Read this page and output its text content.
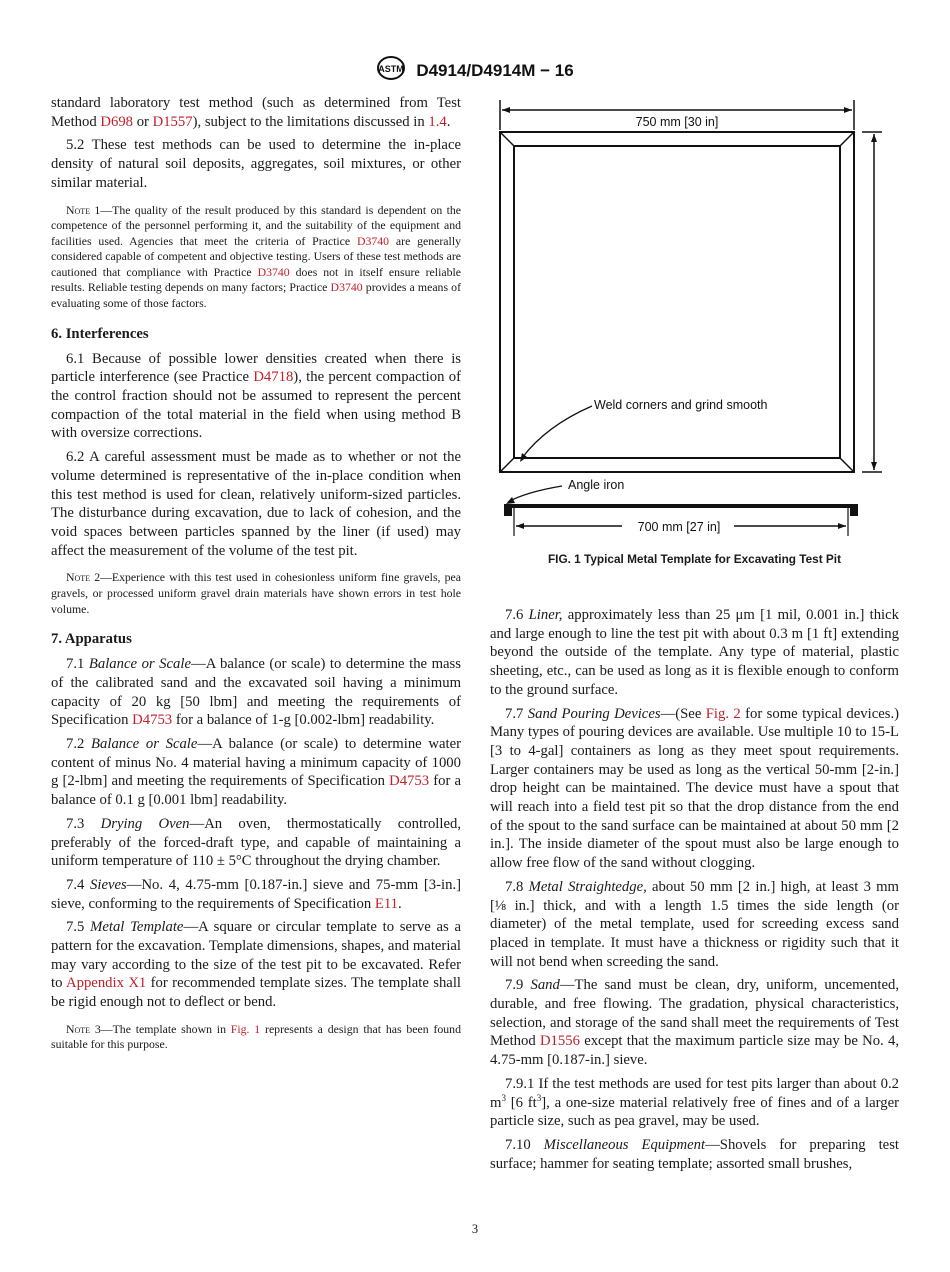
ASTM D4914/D4914M − 16

standard laboratory test method (such as determined from Test Method D698 or D1557), subject to the limitations discussed in 1.4.

5.2 These test methods can be used to determine the in-place density of natural soil deposits, aggregates, soil mixtures, or other similar material.

Note 1—The quality of the result produced by this standard is dependent on the competence of the personnel performing it, and the suitability of the equipment and facilities used. Agencies that meet the criteria of Practice D3740 are generally considered capable of competent and objective testing. Users of these test methods are cautioned that compliance with Practice D3740 does not in itself ensure reliable results. Reliable testing depends on many factors; Practice D3740 provides a means of evaluating some of those factors.
6. Interferences

6.1 Because of possible lower densities created when there is particle interference (see Practice D4718), the percent compaction of the control fraction should not be assumed to represent the percent compaction of the total material in the field when using method B with oversize corrections.

6.2 A careful assessment must be made as to whether or not the volume determined is representative of the in-place condition when this test method is used for clean, relatively uniform-sized particles. The disturbance during excavation, due to lack of cohesion, and the void spaces between particles spanned by the liner (if used) may affect the measurement of the volume of the test pit.

Note 2—Experience with this test used in cohesionless uniform fine gravels, pea gravels, or processed uniform gravel drain materials have shown errors in test hole volume.
7. Apparatus

7.1 Balance or Scale—A balance (or scale) to determine the mass of the calibrated sand and the excavated soil having a minimum capacity of 20 kg [50 lbm] and meeting the requirements of Specification D4753 for a balance of 1-g [0.002-lbm] readability.

7.2 Balance or Scale—A balance (or scale) to determine water content of minus No. 4 material having a minimum capacity of 1000 g [2-lbm] and meeting the requirements of Specification D4753 for a balance of 0.1 g [0.001 lbm] readability.

7.3 Drying Oven—An oven, thermostatically controlled, preferably of the forced-draft type, and capable of maintaining a uniform temperature of 110 ± 5°C throughout the drying chamber.

7.4 Sieves—No. 4, 4.75-mm [0.187-in.] sieve and 75-mm [3-in.] sieve, conforming to the requirements of Specification E11.

7.5 Metal Template—A square or circular template to serve as a pattern for the excavation. Template dimensions, shapes, and material may vary according to the size of the test pit to be excavated. Refer to Appendix X1 for recommended template sizes. The template shall be rigid enough not to deflect or bend.

Note 3—The template shown in Fig. 1 represents a design that has been found suitable for this purpose.
750 mm [30 in]
Weld corners and grind smooth
Angle iron
700 mm [27 in]
FIG. 1 Typical Metal Template for Excavating Test Pit

7.6 Liner, approximately less than 25 μm [1 mil, 0.001 in.] thick and large enough to line the test pit with about 0.3 m [1 ft] extending beyond the outside of the template. Any type of material, plastic sheeting, etc., can be used as long as it is flexible enough to conform to the ground surface.

7.7 Sand Pouring Devices—(See Fig. 2 for some typical devices.) Many types of pouring devices are available. Use multiple 10 to 15-L [3 to 4-gal] containers as long as they meet spout requirements. Larger containers may be used as long as the vertical 50-mm [2-in.] drop height can be maintained. The device must have a spout that will reach into a field test pit so that the drop distance from the end of the spout to the sand surface can be maintained at about 50 mm [2 in.]. The inside diameter of the spout must also be large enough to allow free flow of the sand without clogging.

7.8 Metal Straightedge, about 50 mm [2 in.] high, at least 3 mm [⅛ in.] thick, and with a length 1.5 times the side length (or diameter) of the metal template, used for screeding excess sand placed in template. It must have a thickness or rigidity such that it will not bend when screeding the sand.

7.9 Sand—The sand must be clean, dry, uniform, uncemented, durable, and free flowing. The gradation, physical characteristics, selection, and storage of the sand shall meet the requirements of Test Method D1556 except that the maximum particle size may be No. 4, 4.75-mm [0.187-in.] sieve.

7.9.1 If the test methods are used for test pits larger than about 0.2 $m^3$ [6 $ft^3$], a one-size material relatively free of fines and of a larger particle size, such as pea gravel, may be used.

7.10 Miscellaneous Equipment—Shovels for preparing test surface; hammer for seating template; assorted small brushes,

3
